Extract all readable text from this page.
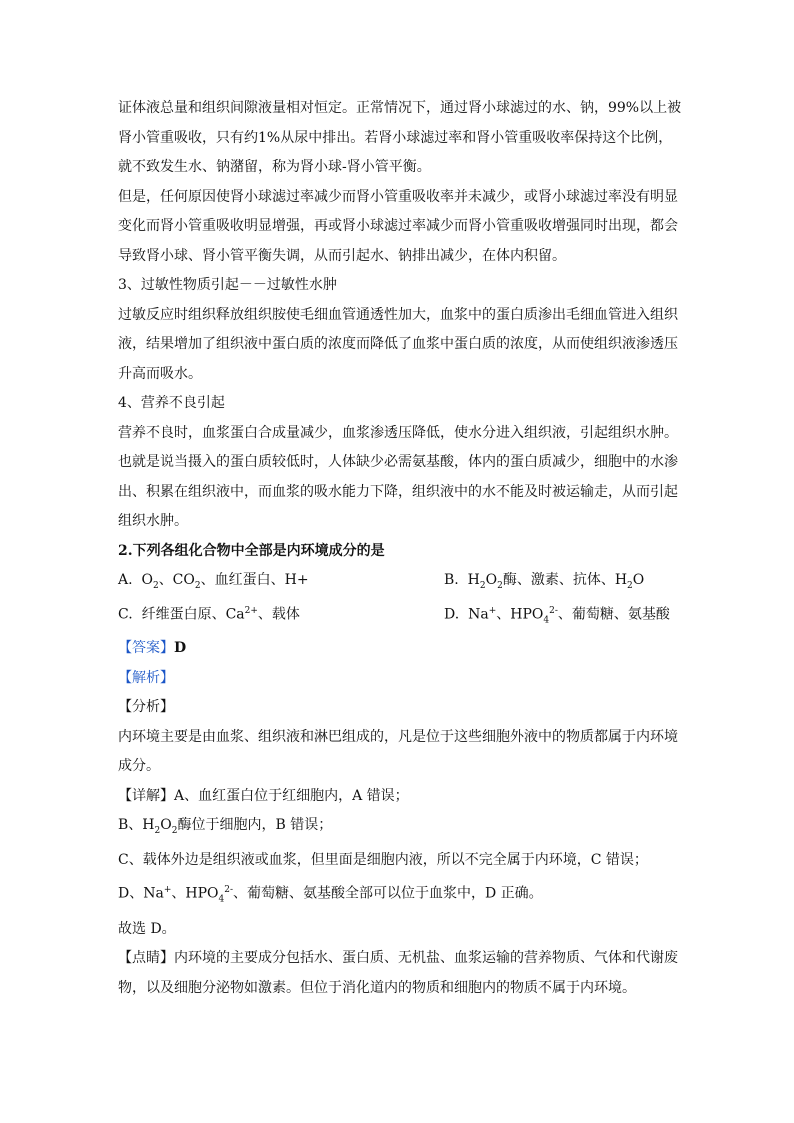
证体液总量和组织间隙液量相对恒定。正常情况下，通过肾小球滤过的水、钠，99%以上被

肾小管重吸收，只有约1%从尿中排出。若肾小球滤过率和肾小管重吸收率保持这个比例，

就不致发生水、钠潴留，称为肾小球-肾小管平衡。

但是，任何原因使肾小球滤过率减少而肾小管重吸收率并未减少，或肾小球滤过率没有明显

变化而肾小管重吸收明显增强，再或肾小球滤过率减少而肾小管重吸收增强同时出现，都会

导致肾小球、肾小管平衡失调，从而引起水、钠排出减少，在体内积留。

3、过敏性物质引起－－过敏性水肿

过敏反应时组织释放组织胺使毛细血管通透性加大，血浆中的蛋白质渗出毛细血管进入组织

液，结果增加了组织液中蛋白质的浓度而降低了血浆中蛋白质的浓度，从而使组织液渗透压

升高而吸水。

4、营养不良引起

营养不良时，血浆蛋白合成量减少，血浆渗透压降低，使水分进入组织液，引起组织水肿。

也就是说当摄入的蛋白质较低时，人体缺少必需氨基酸，体内的蛋白质减少，细胞中的水渗

出、积累在组织液中，而血浆的吸水能力下降，组织液中的水不能及时被运输走，从而引起

组织水肿。

2.下列各组化合物中全部是内环境成分的是

A. $O_2$、$CO_2$、血红蛋白、H+	B. $H_2O_2$酶、激素、抗体、$H_2O$
C. 纤维蛋白原、$Ca^{2+}$、载体	D. Na+、$HPO_4^{2-}$、葡萄糖、氨基酸

【答案】D

【解析】

【分析】

内环境主要是由血浆、组织液和淋巴组成的，凡是位于这些细胞外液中的物质都属于内环境

成分。

【详解】A、血红蛋白位于红细胞内，A 错误；

B、$H_2O_2$酶位于细胞内，B 错误；

C、载体外边是组织液或血浆，但里面是细胞内液，所以不完全属于内环境，C 错误；

D、Na+、$HPO_4^{2-}$、葡萄糖、氨基酸全部可以位于血浆中，D 正确。

故选 D。

【点睛】内环境的主要成分包括水、蛋白质、无机盐、血浆运输的营养物质、气体和代谢废

物，以及细胞分泌物如激素。但位于消化道内的物质和细胞内的物质不属于内环境。
